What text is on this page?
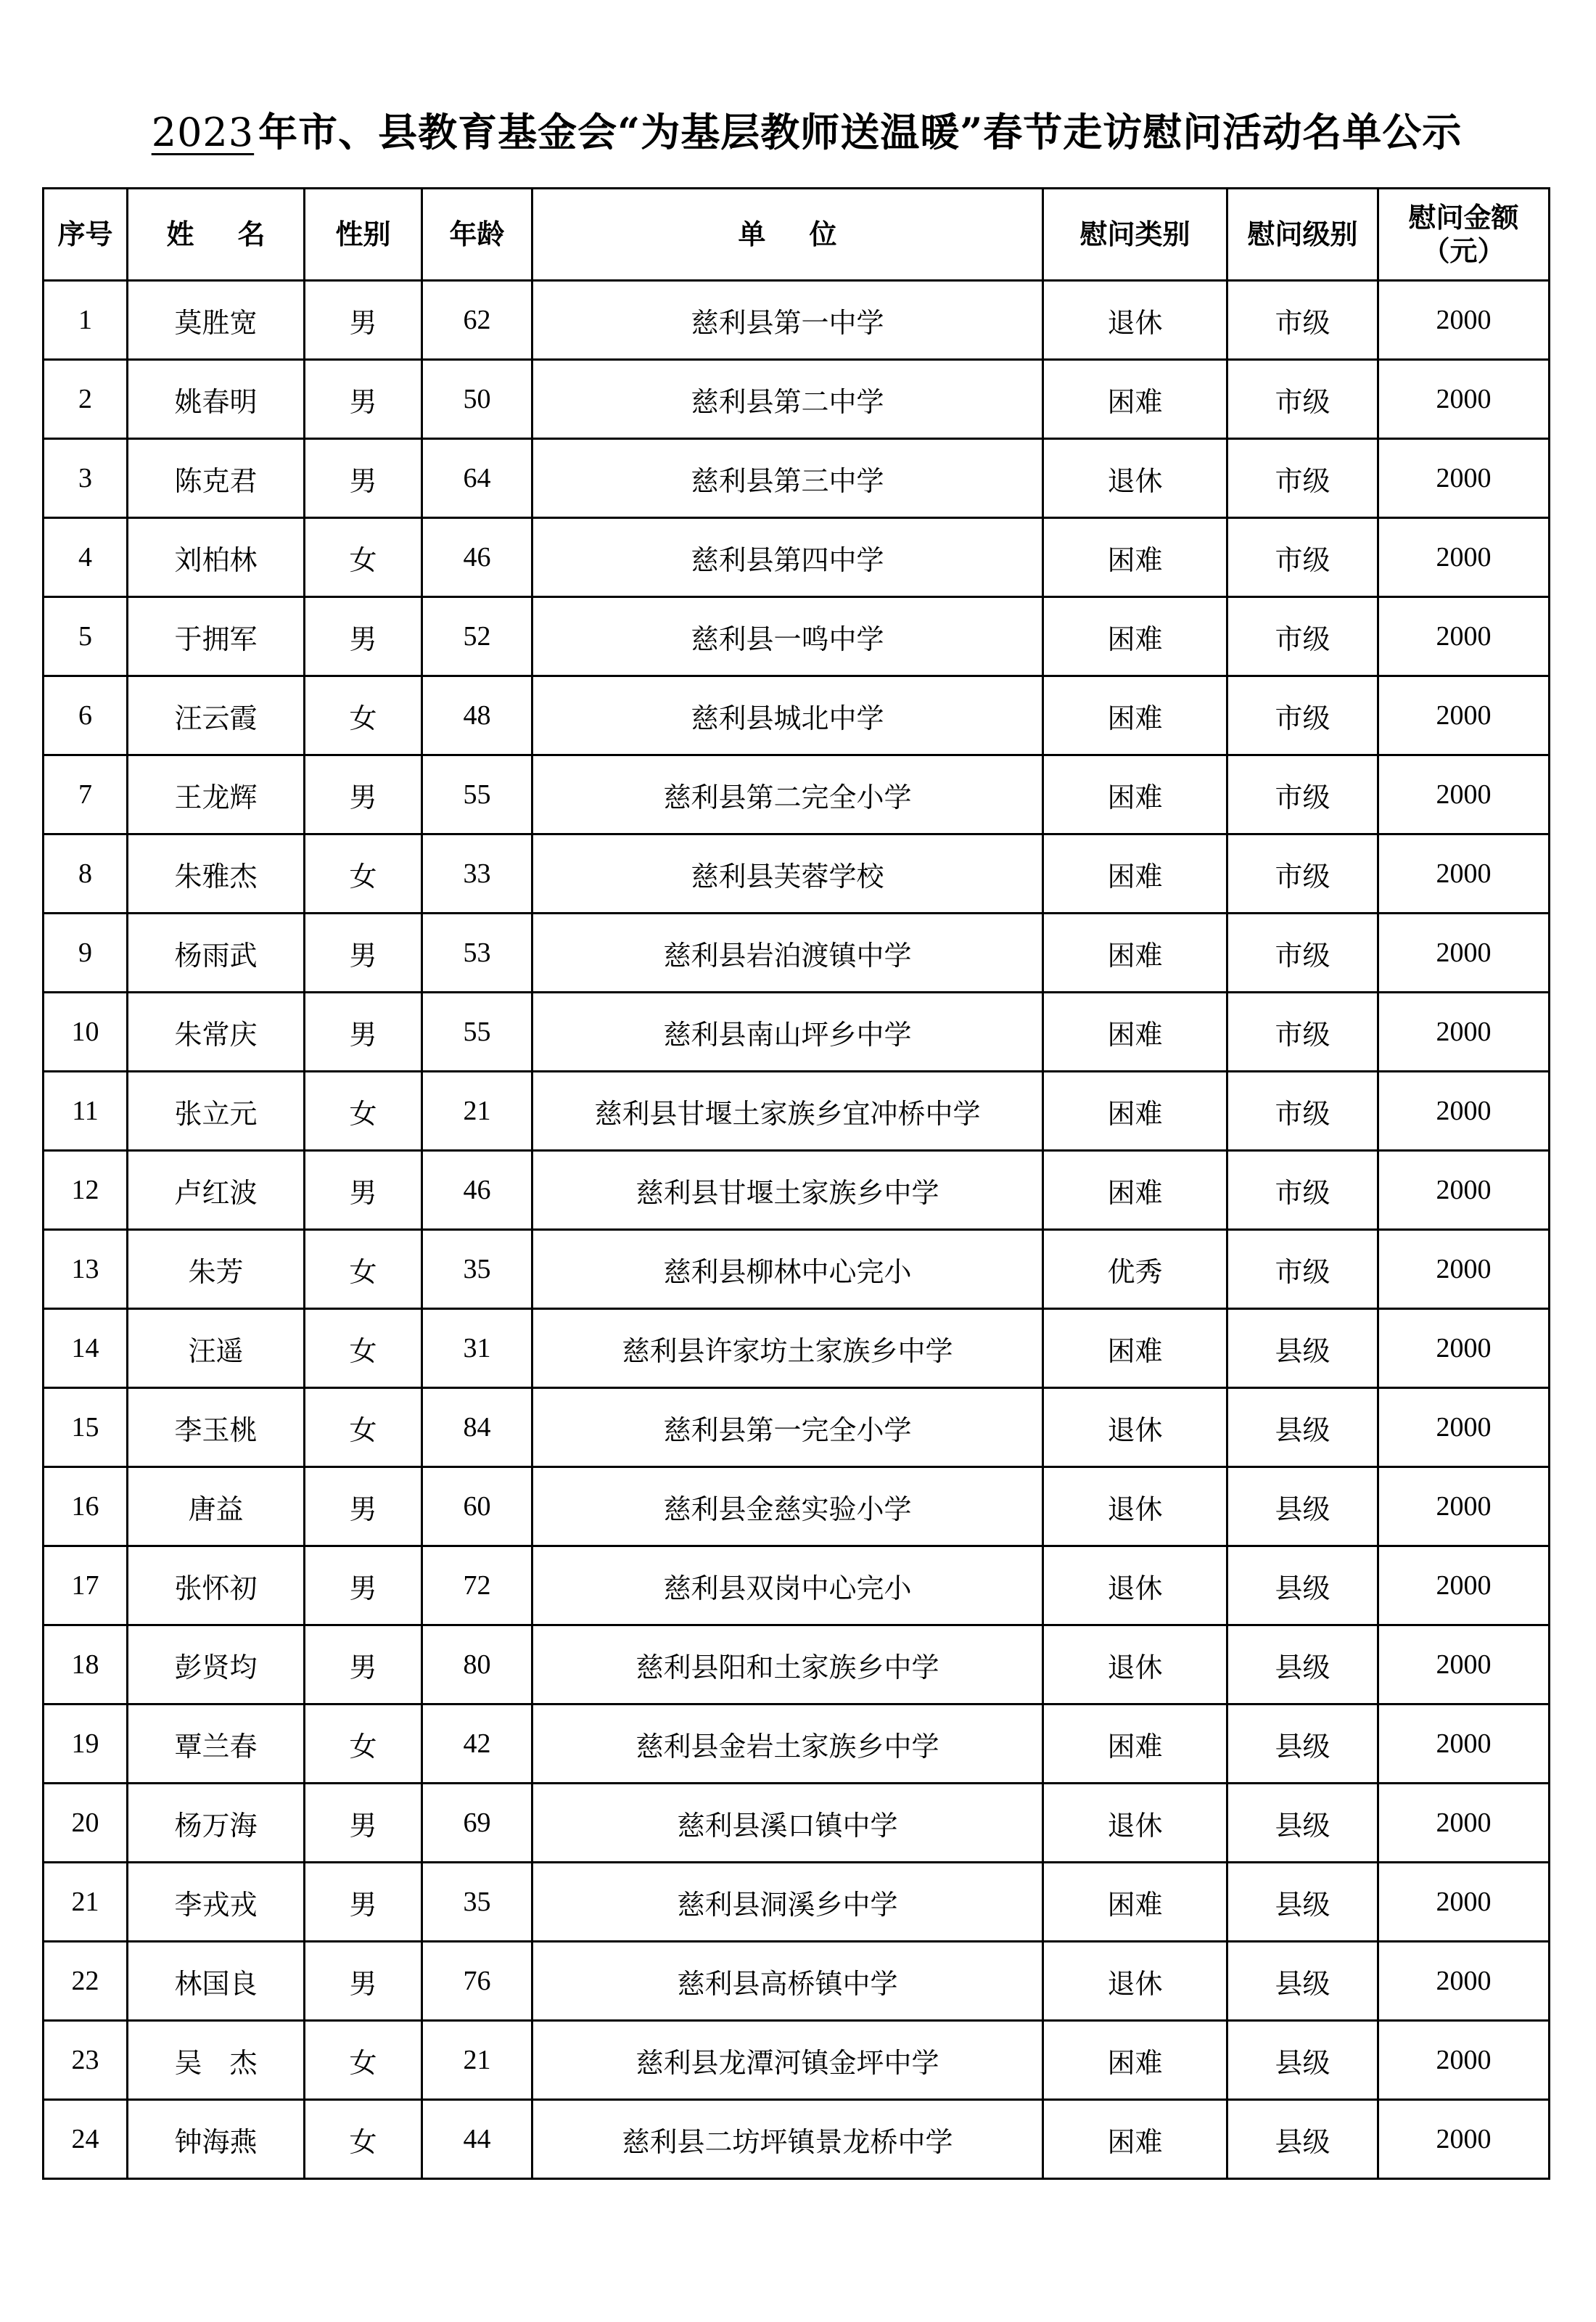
2023 年市、县教育基金会“为基层教师送温暖”春节走访慰问活动名单公示
序号	姓 名	性别	年龄	单 位	慰问类别	慰问级别	慰问金额
（元）

1	莫胜宽	男	62	慈利县第一中学	退休	市级	2000
2	姚春明	男	50	慈利县第二中学	困难	市级	2000
3	陈克君	男	64	慈利县第三中学	退休	市级	2000
4	刘柏林	女	46	慈利县第四中学	困难	市级	2000
5	于拥军	男	52	慈利县一鸣中学	困难	市级	2000
6	汪云霞	女	48	慈利县城北中学	困难	市级	2000
7	王龙辉	男	55	慈利县第二完全小学	困难	市级	2000
8	朱雅杰	女	33	慈利县芙蓉学校	困难	市级	2000
9	杨雨武	男	53	慈利县岩泊渡镇中学	困难	市级	2000
10	朱常庆	男	55	慈利县南山坪乡中学	困难	市级	2000
11	张立元	女	21	慈利县甘堰土家族乡宜冲桥中学	困难	市级	2000
12	卢红波	男	46	慈利县甘堰土家族乡中学	困难	市级	2000
13	朱芳	女	35	慈利县柳林中心完小	优秀	市级	2000
14	汪遥	女	31	慈利县许家坊土家族乡中学	困难	县级	2000
15	李玉桃	女	84	慈利县第一完全小学	退休	县级	2000
16	唐益	男	60	慈利县金慈实验小学	退休	县级	2000
17	张怀初	男	72	慈利县双岗中心完小	退休	县级	2000
18	彭贤均	男	80	慈利县阳和土家族乡中学	退休	县级	2000
19	覃兰春	女	42	慈利县金岩土家族乡中学	困难	县级	2000
20	杨万海	男	69	慈利县溪口镇中学	退休	县级	2000
21	李戎戎	男	35	慈利县洞溪乡中学	困难	县级	2000
22	林国良	男	76	慈利县高桥镇中学	退休	县级	2000
23	吴　杰	女	21	慈利县龙潭河镇金坪中学	困难	县级	2000
24	钟海燕	女	44	慈利县二坊坪镇景龙桥中学	困难	县级	2000
